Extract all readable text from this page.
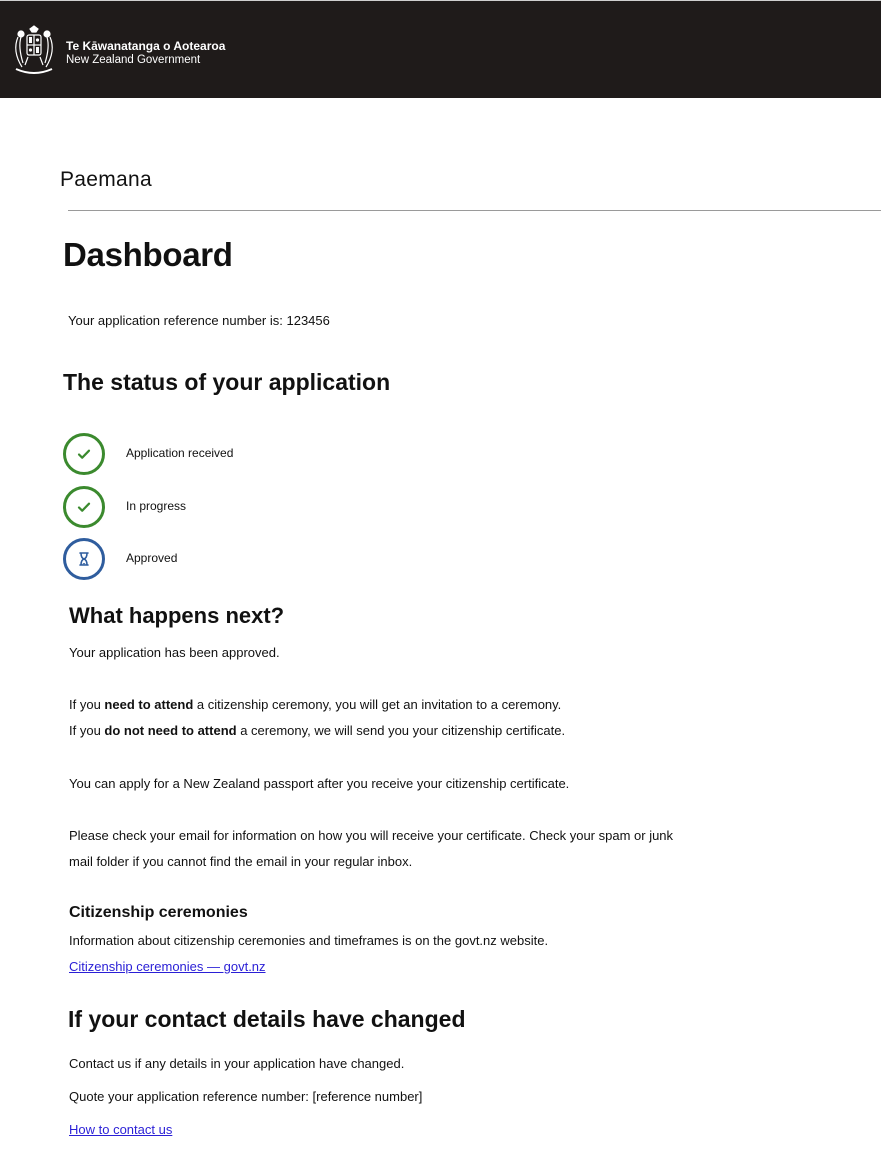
Te Kāwanatanga o Aotearoa
New Zealand Government
Paemana
Dashboard
Your application reference number is: 123456
The status of your application
Application received
In progress
Approved
What happens next?

Your application has been approved.

If you need to attend a citizenship ceremony, you will get an invitation to a ceremony.

If you do not need to attend a ceremony, we will send you your citizenship certificate.

You can apply for a New Zealand passport after you receive your citizenship certificate.

Please check your email for information on how you will receive your certificate. Check your spam or junk

mail folder if you cannot find the email in your regular inbox.

Citizenship ceremonies

Information about citizenship ceremonies and timeframes is on the govt.nz website.

Citizenship ceremonies — govt.nz
If your contact details have changed

Contact us if any details in your application have changed.

Quote your application reference number: [reference number]

How to contact us
